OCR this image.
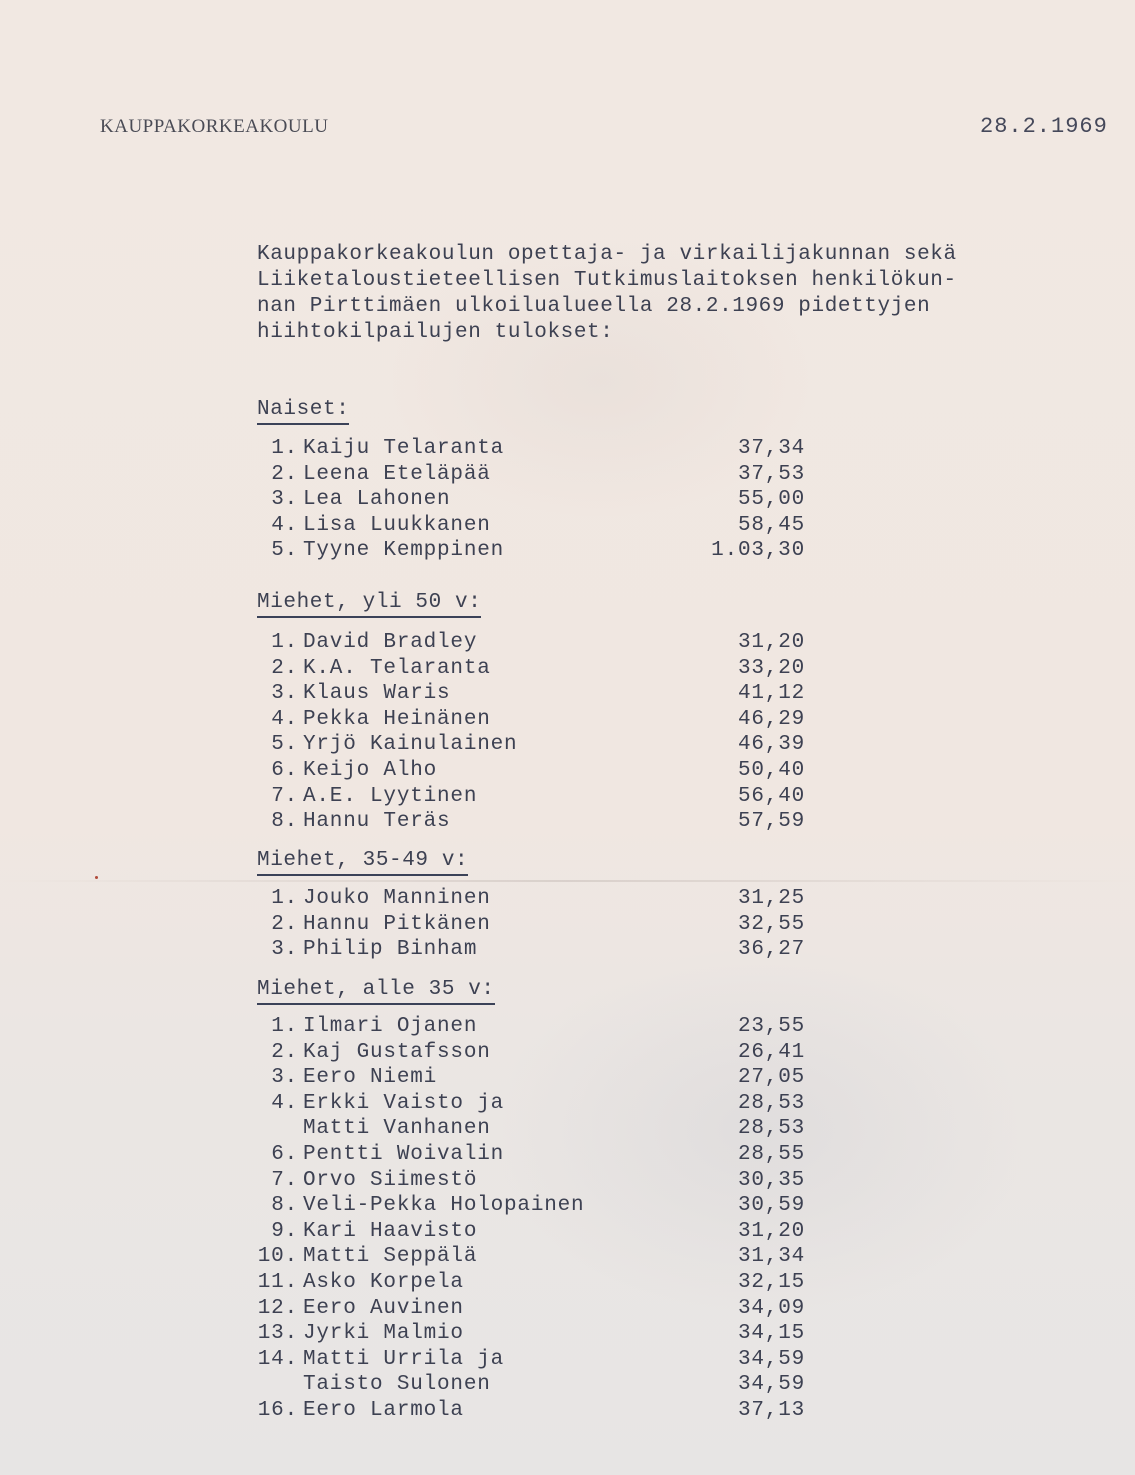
KAUPPAKORKEAKOULU	28.2.1969
Kauppakorkeakoulun opettaja- ja virkailijakunnan sekä
Liiketaloustieteellisen Tutkimuslaitoksen henkilökun-
nan Pirttimäen ulkoilualueella 28.2.1969 pidettyjen
hiihtokilpailujen tulokset:
Naiset:
Miehet, yli 50 v:
Miehet, 35-49 v:
Miehet, alle 35 v:
1. Kaiju Telaranta	37,34
2. Leena Eteläpää	37,53
3. Lea Lahonen	55,00
4. Lisa Luukkanen	58,45
5. Tyyne Kemppinen	1.03,30
1. David Bradley	31,20
2. K.A. Telaranta	33,20
3. Klaus Waris	41,12
4. Pekka Heinänen	46,29
5. Yrjö Kainulainen	46,39
6. Keijo Alho	50,40
7. A.E. Lyytinen	56,40
8. Hannu Teräs	57,59
1. Jouko Manninen	31,25
2. Hannu Pitkänen	32,55
3. Philip Binham	36,27
1. Ilmari Ojanen	23,55
2. Kaj Gustafsson	26,41
3. Eero Niemi	27,05
4. Erkki Vaisto ja	28,53
Matti Vanhanen	28,53
6. Pentti Woivalin	28,55
7. Orvo Siimestö	30,35
8. Veli-Pekka Holopainen	30,59
9. Kari Haavisto	31,20
10. Matti Seppälä	31,34
11. Asko Korpela	32,15
12. Eero Auvinen	34,09
13. Jyrki Malmio	34,15
14. Matti Urrila ja	34,59
Taisto Sulonen	34,59
16. Eero Larmola	37,13
